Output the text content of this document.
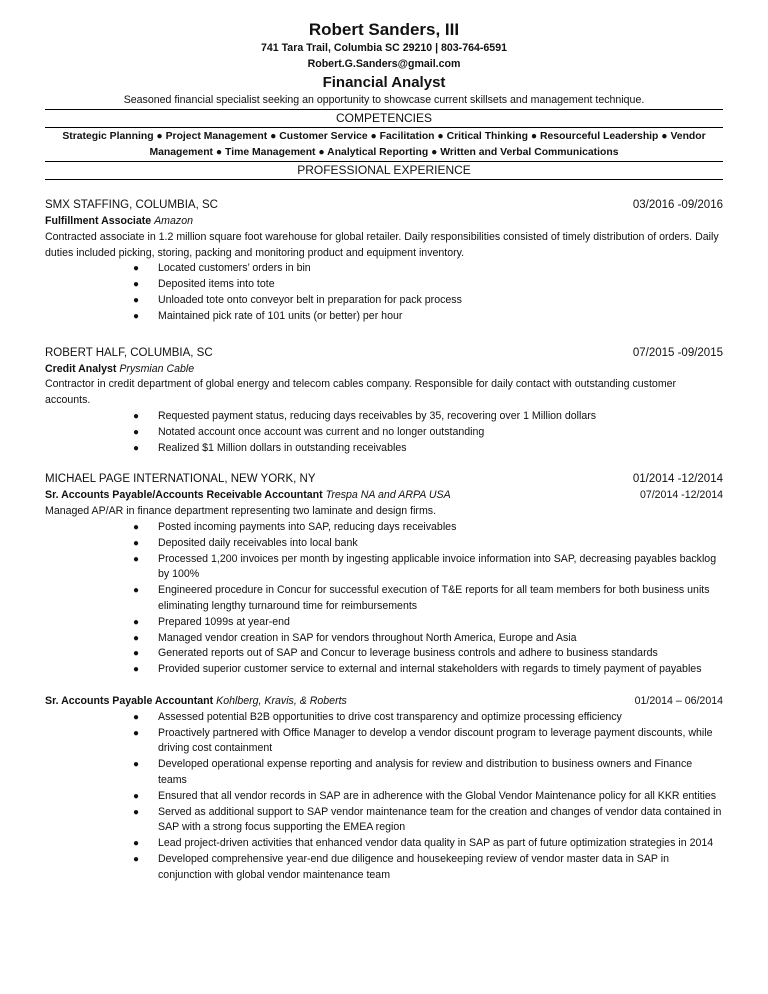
Robert Sanders, III
741 Tara Trail, Columbia SC 29210 | 803-764-6591
Robert.G.Sanders@gmail.com
Financial Analyst
Seasoned financial specialist seeking an opportunity to showcase current skillsets and management technique.
COMPETENCIES
Strategic Planning ● Project Management ● Customer Service ● Facilitation ● Critical Thinking ● Resourceful Leadership ● Vendor
Management ● Time Management ● Analytical Reporting ● Written and Verbal Communications
PROFESSIONAL EXPERIENCE
SMX STAFFING, COLUMBIA, SC	03/2016 -09/2016
Fulfillment Associate Amazon

Contracted associate in 1.2 million square foot warehouse for global retailer. Daily responsibilities consisted of timely distribution of orders. Daily duties included picking, storing, packing and monitoring product and equipment inventory.

● Located customers’ orders in bin
● Deposited items into tote
● Unloaded tote onto conveyor belt in preparation for pack process
● Maintained pick rate of 101 units (or better) per hour
ROBERT HALF, COLUMBIA, SC	07/2015 -09/2015
Credit Analyst Prysmian Cable

Contractor in credit department of global energy and telecom cables company. Responsible for daily contact with outstanding customer accounts.

● Requested payment status, reducing days receivables by 35, recovering over 1 Million dollars
● Notated account once account was current and no longer outstanding
● Realized $1 Million dollars in outstanding receivables
MICHAEL PAGE INTERNATIONAL, NEW YORK, NY	01/2014 -12/2014
Sr. Accounts Payable/Accounts Receivable Accountant Trespa NA and ARPA USA	07/2014 -12/2014

Managed AP/AR in finance department representing two laminate and design firms.

● Posted incoming payments into SAP, reducing days receivables
● Deposited daily receivables into local bank
● Processed 1,200 invoices per month by ingesting applicable invoice information into SAP, decreasing payables backlog by 100%
● Engineered procedure in Concur for successful execution of T&E reports for all team members for both business units eliminating lengthy turnaround time for reimbursements
● Prepared 1099s at year-end
● Managed vendor creation in SAP for vendors throughout North America, Europe and Asia
● Generated reports out of SAP and Concur to leverage business controls and adhere to business standards
● Provided superior customer service to external and internal stakeholders with regards to timely payment of payables
Sr. Accounts Payable Accountant Kohlberg, Kravis, & Roberts	01/2014 – 06/2014
● Assessed potential B2B opportunities to drive cost transparency and optimize processing efficiency
● Proactively partnered with Office Manager to develop a vendor discount program to leverage payment discounts, while driving cost containment
● Developed operational expense reporting and analysis for review and distribution to business owners and Finance teams
● Ensured that all vendor records in SAP are in adherence with the Global Vendor Maintenance policy for all KKR entities
● Served as additional support to SAP vendor maintenance team for the creation and changes of vendor data contained in SAP with a strong focus supporting the EMEA region
● Lead project-driven activities that enhanced vendor data quality in SAP as part of future optimization strategies in 2014
● Developed comprehensive year-end due diligence and housekeeping review of vendor master data in SAP in conjunction with global vendor maintenance team
